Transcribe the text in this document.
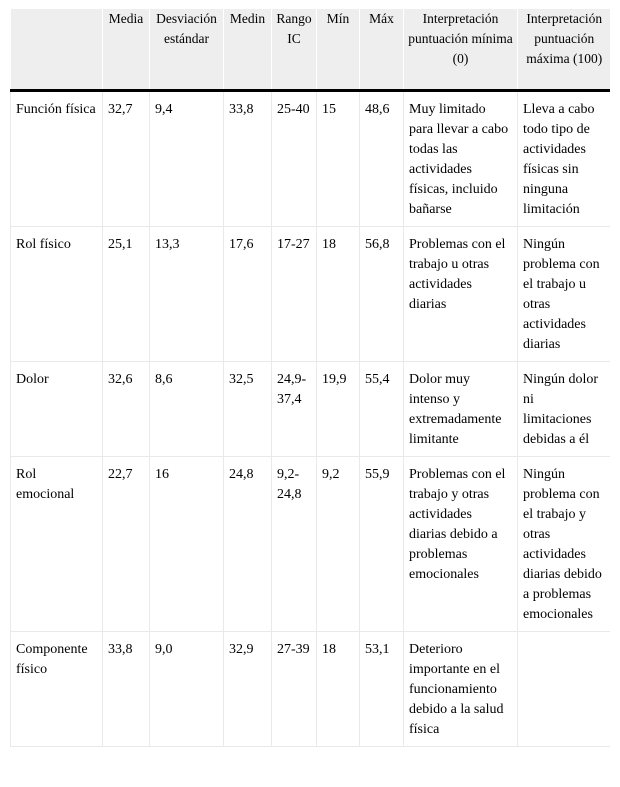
	Media	Desviación estándar	Medin	Rango IC	Mín	Máx	Interpretación puntuación mínima (0)	Interpretación puntuación máxima (100)
Función física	32,7	9,4	33,8	25-40	15	48,6	Muy limitado para llevar a cabo todas las actividades físicas, incluido bañarse	Lleva a cabo todo tipo de actividades físicas sin ninguna limitación
Rol físico	25,1	13,3	17,6	17-27	18	56,8	Problemas con el trabajo u otras actividades diarias	Ningún problema con el trabajo u otras actividades diarias
Dolor	32,6	8,6	32,5	24,9-37,4	19,9	55,4	Dolor muy intenso y extremadamente limitante	Ningún dolor ni limitaciones debidas a él
Rol emocional	22,7	16	24,8	9,2-24,8	9,2	55,9	Problemas con el trabajo y otras actividades diarias debido a problemas emocionales	Ningún problema con el trabajo y otras actividades diarias debido a problemas emocionales
Componente físico	33,8	9,0	32,9	27-39	18	53,1	Deterioro importante en el funcionamiento debido a la salud física	
